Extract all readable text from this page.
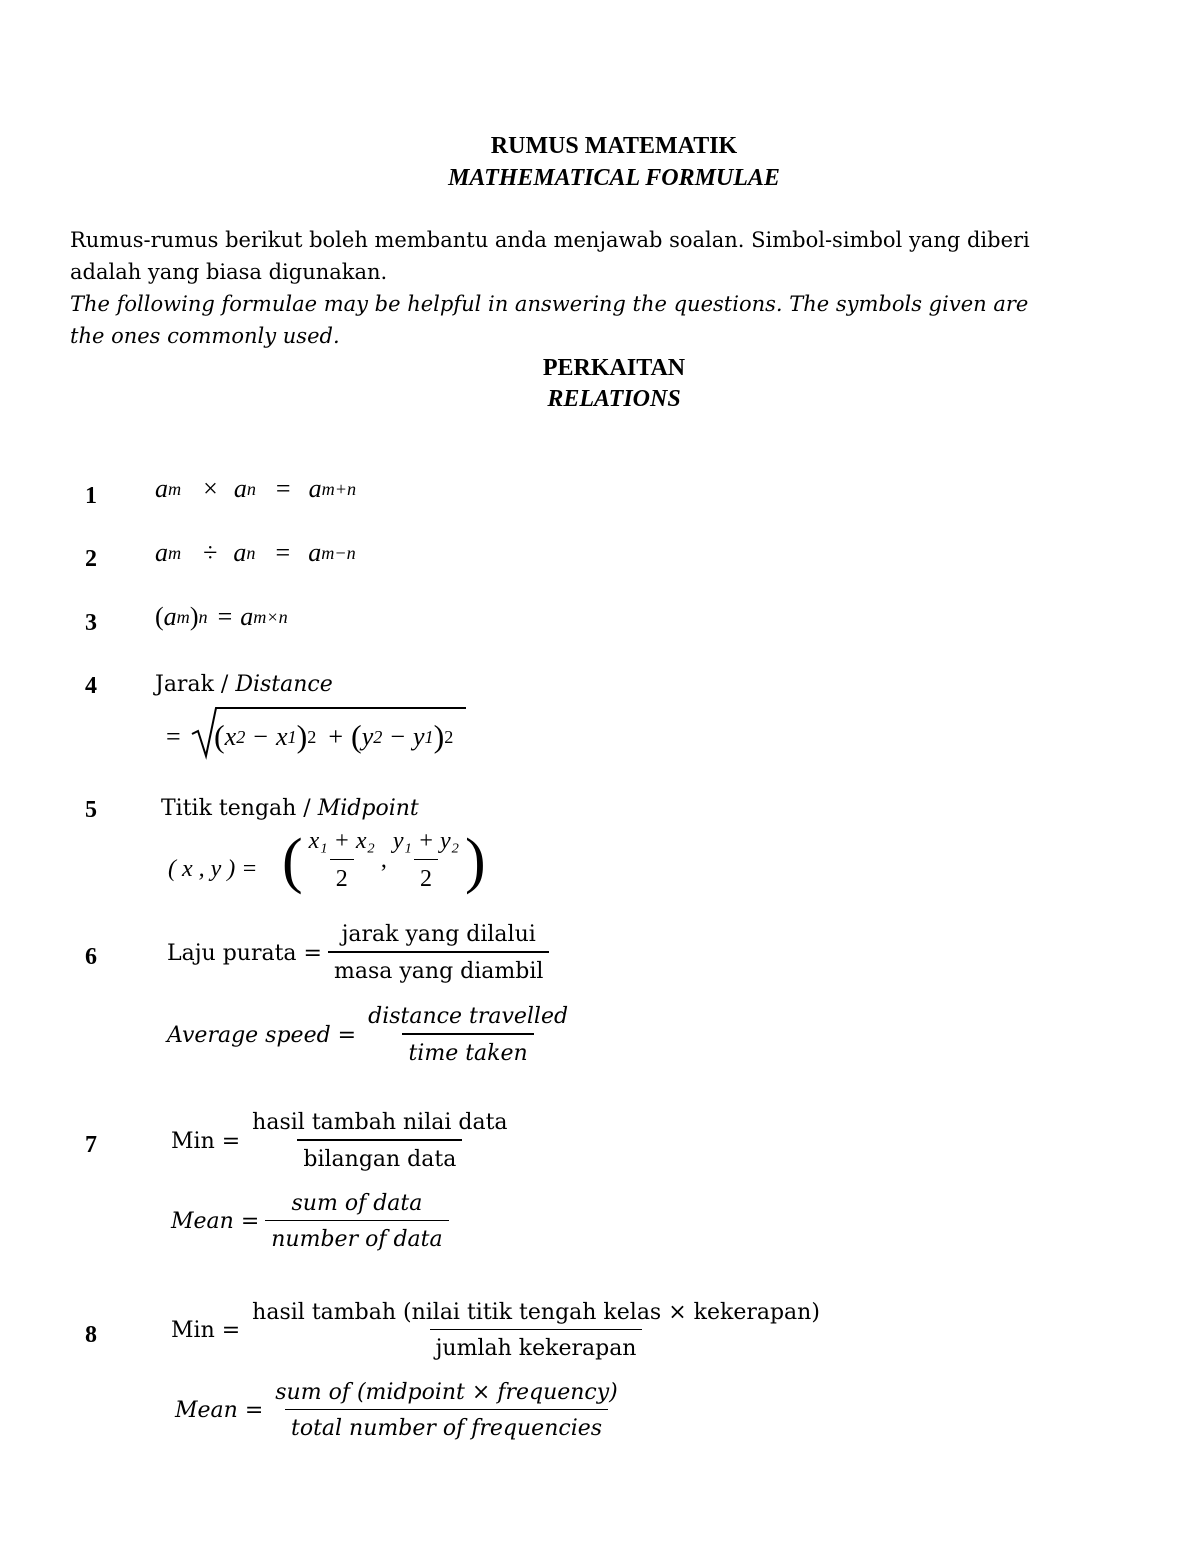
RUMUS MATEMATIK
MATHEMATICAL FORMULAE
Rumus-rumus berikut boleh membantu anda menjawab soalan. Simbol-simbol yang diberi
adalah yang biasa digunakan.
The following formulae may be helpful in answering the questions. The symbols given are
the ones commonly used.
PERKAITAN
RELATIONS
1 a m × a n = a m+n
2 a m ÷ a n = a m−n
3 ( a m ) n = a m×n
4	Jarak / Distance
= ( x 2 − x 1 ) 2 + ( y 2 − y 1 ) 2
5	Titik tengah / Midpoint
( x , y ) = ( $\frac{\text{x₁ + x₂}}{2}$ , $\frac{\text{y₁ + y₂}}{2}$ )
6	Laju purata = $\frac{\text{jarak yang dilalui}}{\text{masa yang diambil}}$
Average speed = $\frac{\text{distance travelled}}{\text{time taken}}$
7	Min = $\frac{\text{hasil tambah nilai data}}{\text{bilangan data}}$
Mean = $\frac{\text{sum of data}}{\text{number of data}}$
8	Min = $\frac{\text{hasil tambah (nilai titik tengah kelas × kekerapan)}}{\text{jumlah kekerapan}}$
Mean = $\frac{\text{sum of (midpoint × frequency)}}{\text{total number of frequencies}}$
